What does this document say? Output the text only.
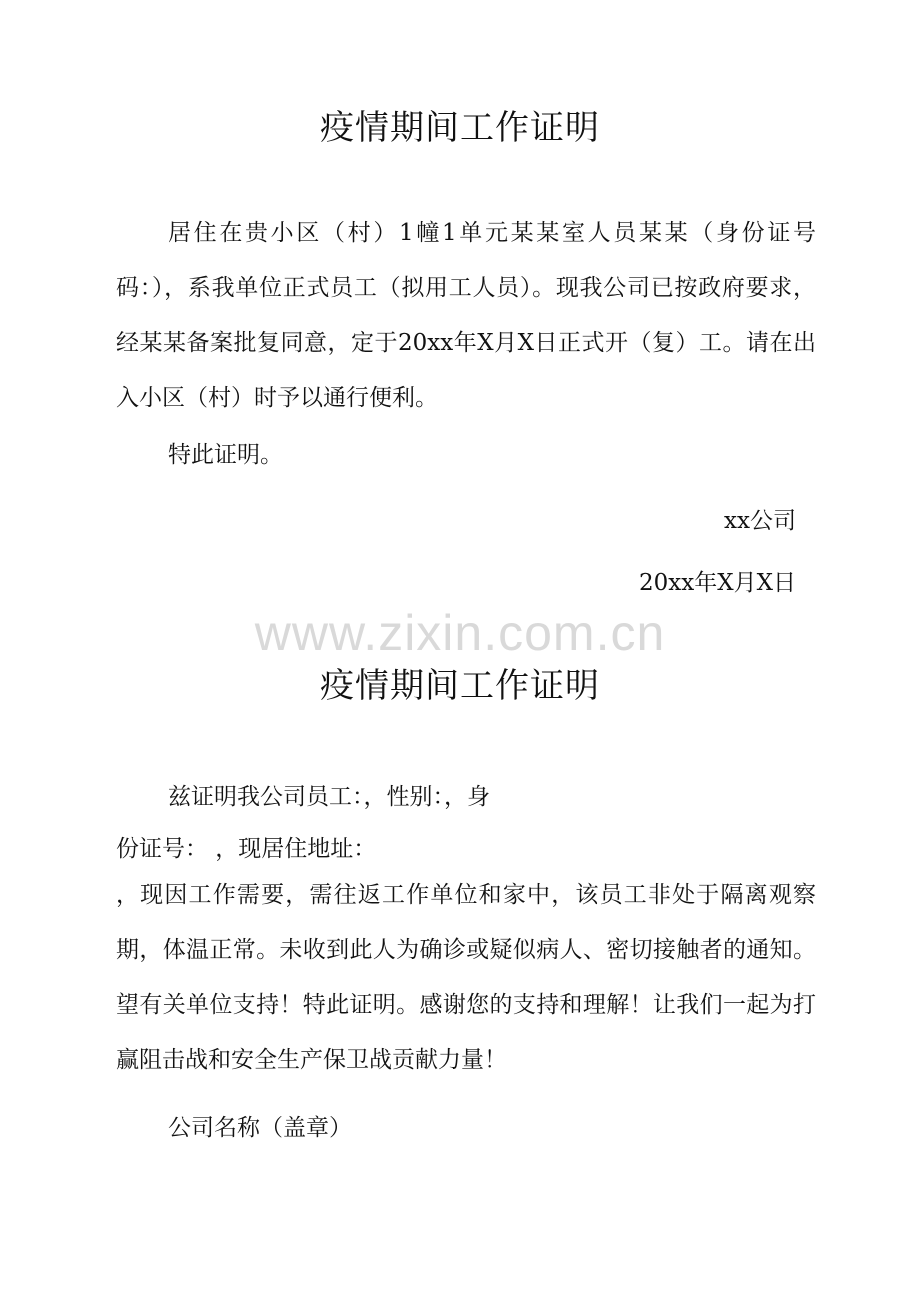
疫情期间工作证明

居住在贵小区（村）1幢1单元某某室人员某某（身份证号码：），系我单位正式员工（拟用工人员）。现我公司已按政府要求，经某某备案批复同意，定于20xx年X月X日正式开（复）工。请在出入小区（村）时予以通行便利。

特此证明。

xx公司

20xx年X月X日

www.zixin.com.cn
疫情期间工作证明

兹证明我公司员工：，性别：，身

份证号： ，现居住地址：

，现因工作需要，需往返工作单位和家中，该员工非处于隔离观察期，体温正常。未收到此人为确诊或疑似病人、密切接触者的通知。望有关单位支持！特此证明。感谢您的支持和理解！让我们一起为打赢阻击战和安全生产保卫战贡献力量！

公司名称（盖章）
